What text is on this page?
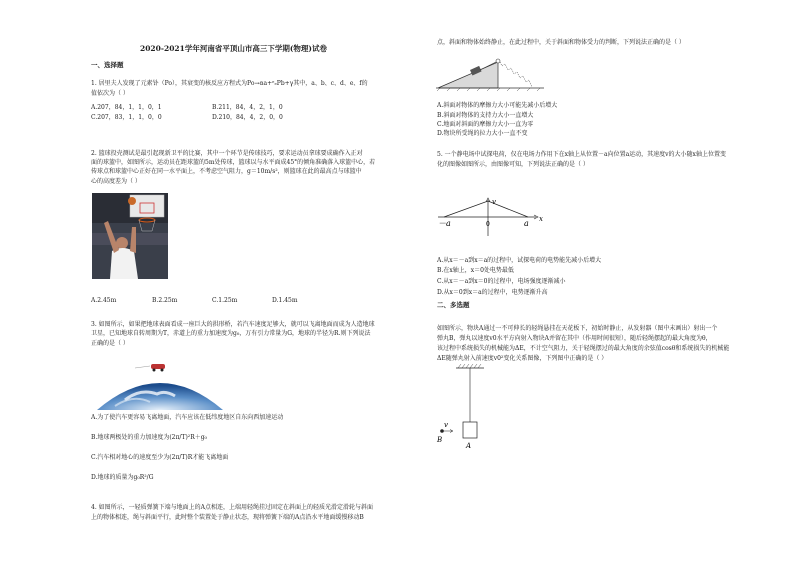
2020-2021学年河南省平顶山市高三下学期(物理)试卷
一、选择题

1. 居里夫人发现了元素钋（Po），其衰变的核反应方程式为Po→αa+ᵉₑPb+γ其中，a、b、c、d、e、f的

值依次为（ ）

A.207，84，1，1，0，1	B.211，84，4，2，1，0
C.207，83，1，1，0，0	D.210，84，4，2，0，0

2. 篮球投壳测试是最引起现新卫平的比赛，其中一个环节是传球技巧，要求运动员拿球要成确作入正对

面的球篮中，如图所示，运动员在距球篮的5m处传球，篮球以与水平面成45°的倾角准确落入球篮中心，若

传球点和球篮中心正好在同一水平面上，不考虑空气阻力，g＝10m/s²，则篮球在此的最高点与球篮中

心的高度差为（ ）

A.2.45m	B.2.25m	C.1.25m	D.1.45m

3. 如图所示，如果把地球表面看成一座巨大的拱形桥，若汽车速度足够大，就可以飞离地面而成为人造地球

卫星，已知地球自转周期为T，赤道上的重力加速度为g₀，万有引力常量为G，地球的半径为R.则下列说法

正确的是（ ）

A.为了使汽车更容易飞离地面，汽车应该在低纬度地区自东向西加速运动

B.地球两极处的重力加速度为(2π/T)²R＋g₀

C.汽车相对地心的速度至少为(2π/T)R才能飞离地面

D.地球的质量为g₀R²/G

4. 如图所示，一轻质弹簧下端与地面上的A点相连，上端用轻绳挂过固定在斜面上的轻质光滑定滑轮与斜面

上的物体相连，绳与斜面平行，此时整个装置处于静止状态，现将弹簧下端的A点沿水平地面缓慢移动B

点，斜面和物体始终静止，在此过程中，关于斜面和物体受力的判断，下列说法正确的是（ ）

A.斜面对物体的摩擦力大小可能先减小后增大

B.斜面对物体的支持力大小一直增大

C.地面对斜面的摩擦力大小一直为零

D.物块所受绳的拉力大小一直不变

5. 一个静电场中试探电荷，仅在电场力作用下在x轴上从位置－a向位置a运动，其速度v的大小随x轴上位置变

化的图像如图所示，由图像可知，下列说法正确的是（ ）

v
x
－a	0	a

A.从x＝－a到x＝a的过程中，试探电荷的电势能先减小后增大

B.在x轴上，x＝0处电势最低

C.从x＝－a到x＝0的过程中，电场强度逐渐减小

D.从x＝0到x＝a的过程中，电势逐渐升高

二、多选题

如图所示，物块A通过一不可伸长的轻绳悬挂在天花板下，初始时静止，从发射器（图中未画出）射出一个

弹丸B，弹丸以速度v0水平方向射入物块A并留在其中（作用时间很短），随后轻绳摆起的最大角度为θ，

该过程中系统损失的机械能为ΔE，不计空气阻力，关于轻绳摆过的最大角度的余弦值cosθ和系统损失的机械能

ΔE随弹丸射入前速度v0²变化关系图像，下列图中正确的是（ ）

v
B
A
